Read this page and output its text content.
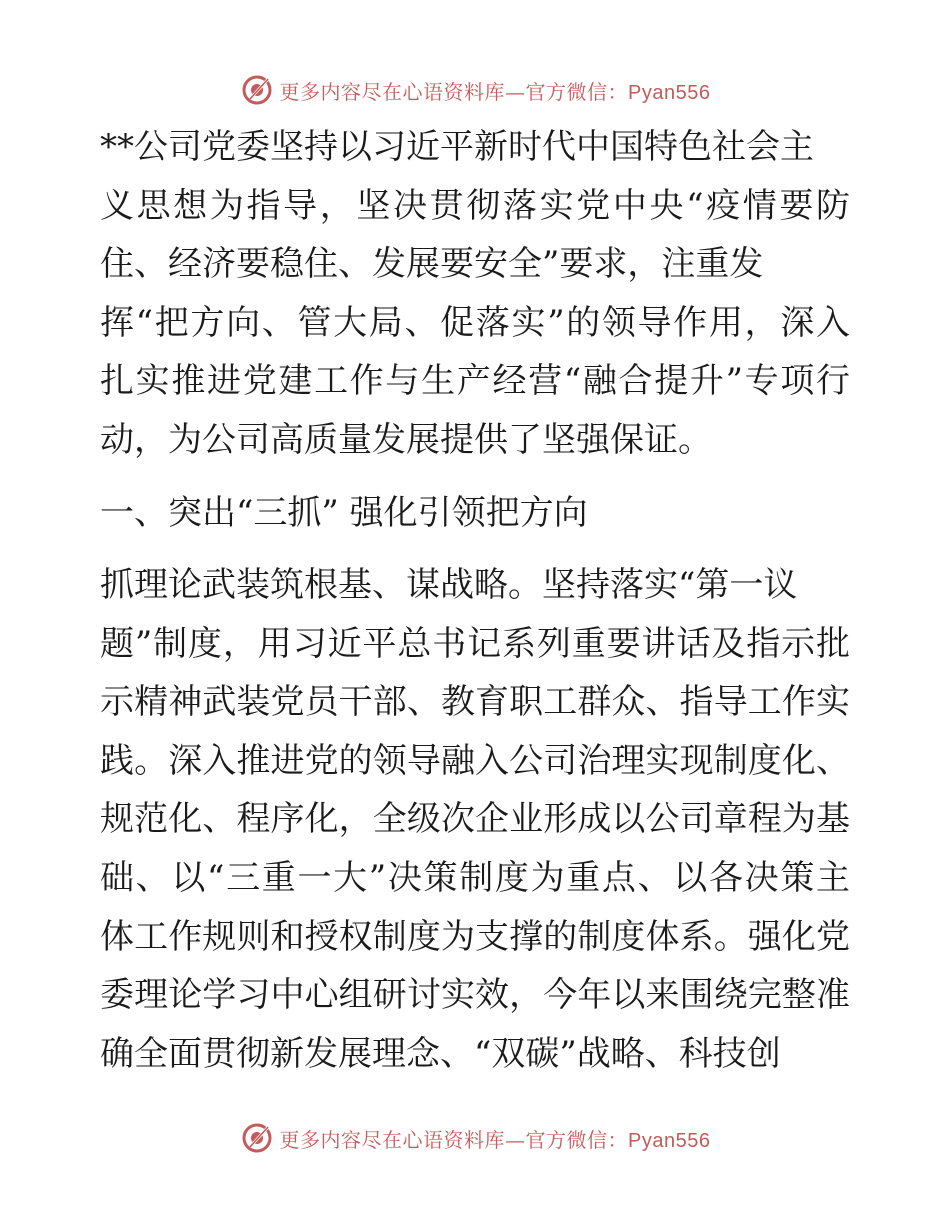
更多内容尽在心语资料库—官方微信：Pyan556
**公司党委坚持以习近平新时代中国特色社会主
义思想为指导，坚决贯彻落实党中央“疫情要防
住、经济要稳住、发展要安全”要求，注重发
挥“把方向、管大局、促落实”的领导作用，深入
扎实推进党建工作与生产经营“融合提升”专项行
动，为公司高质量发展提供了坚强保证。
一、突出“三抓” 强化引领把方向
抓理论武装筑根基、谋战略。坚持落实“第一议
题”制度，用习近平总书记系列重要讲话及指示批
示精神武装党员干部、教育职工群众、指导工作实
践。深入推进党的领导融入公司治理实现制度化、
规范化、程序化，全级次企业形成以公司章程为基
础、以“三重一大”决策制度为重点、以各决策主
体工作规则和授权制度为支撑的制度体系。强化党
委理论学习中心组研讨实效，今年以来围绕完整准
确全面贯彻新发展理念、“双碳”战略、科技创
更多内容尽在心语资料库—官方微信：Pyan556
